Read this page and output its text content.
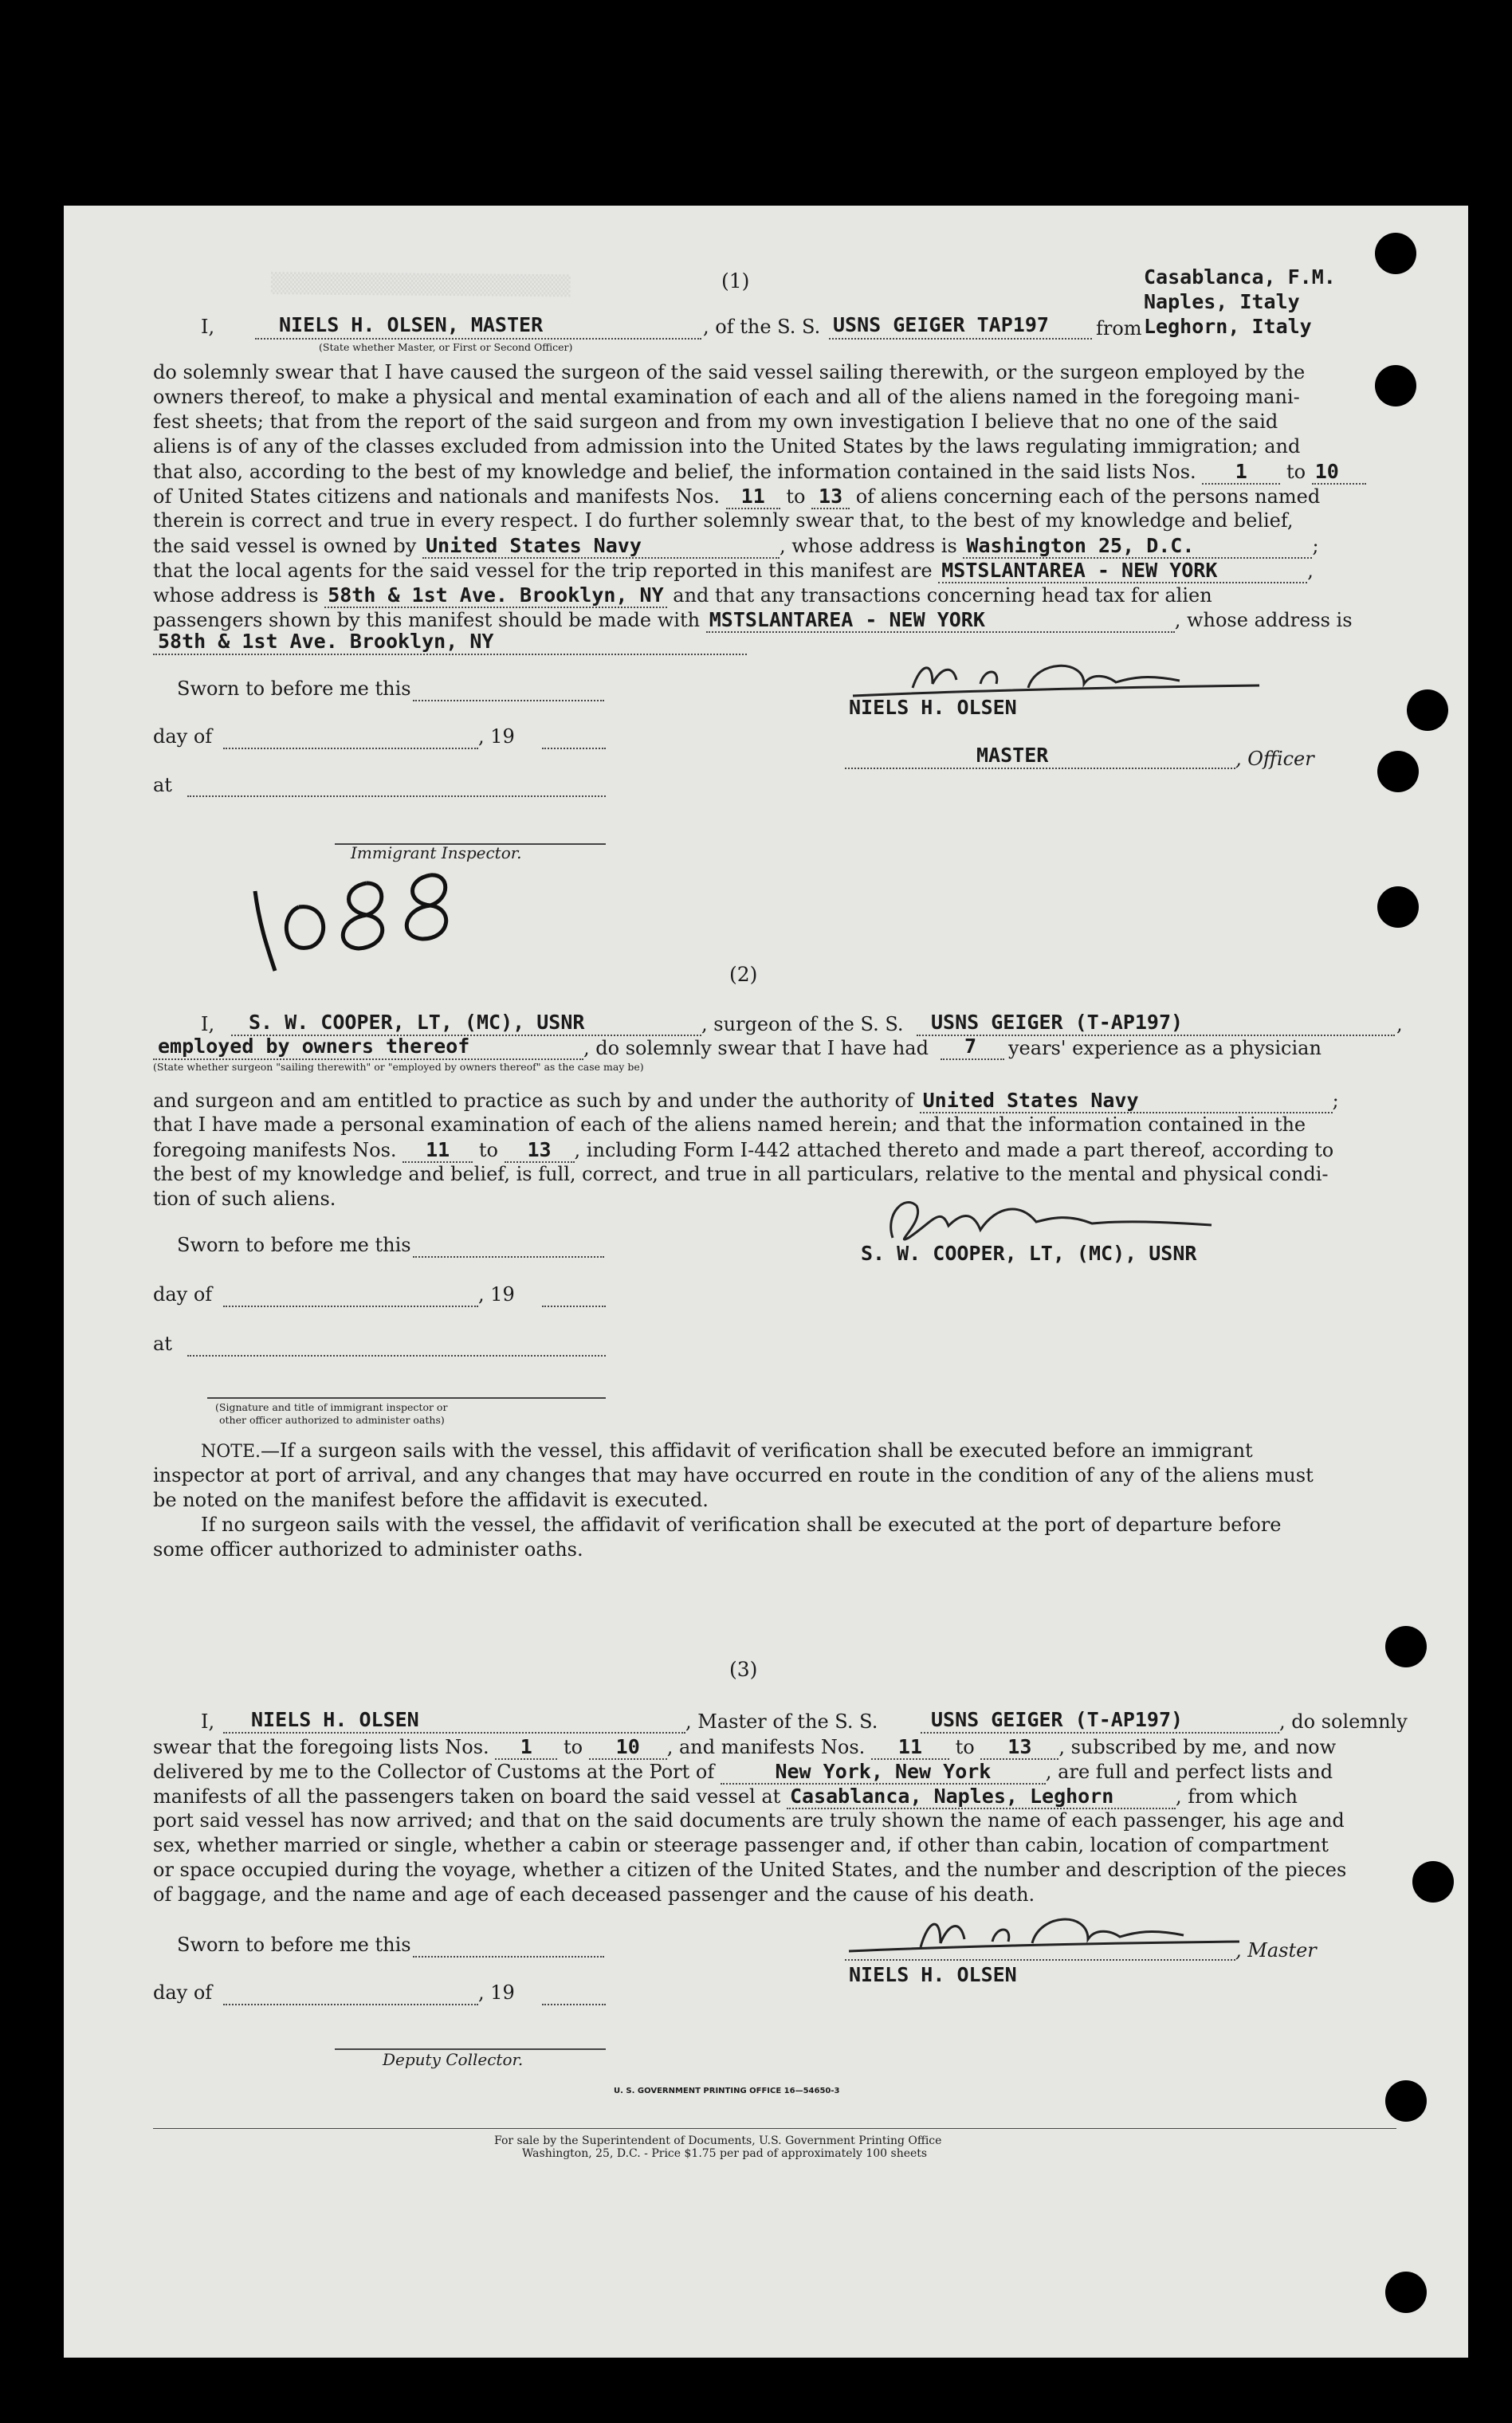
▒▒▒▒▒▒▒▒▒▒▒▒▒▒▒▒▒▒▒▒▒▒▒▒▒▒	(1)	Casablanca, F.M.
Naples, Italy
I,	NIELS H. OLSEN, MASTER	, of the S. S. USNS GEIGER TAP197 from Leghorn, Italy
(State whether Master, or First or Second Officer)
do solemnly swear that I have caused the surgeon of the said vessel sailing therewith, or the surgeon employed by the
owners thereof, to make a physical and mental examination of each and all of the aliens named in the foregoing mani-
fest sheets; that from the report of the said surgeon and from my own investigation I believe that no one of the said
aliens is of any of the classes excluded from admission into the United States by the laws regulating immigration; and
that also, according to the best of my knowledge and belief, the information contained in the said lists Nos. 1 to 10
of United States citizens and nationals and manifests Nos. 11 to 13 of aliens concerning each of the persons named
therein is correct and true in every respect. I do further solemnly swear that, to the best of my knowledge and belief,
the said vessel is owned by United States Navy	, whose address is Washington 25, D.C.	;
that the local agents for the said vessel for the trip reported in this manifest are MSTSLANTAREA - NEW YORK	,
whose address is 58th & 1st Ave. Brooklyn, NY and that any transactions concerning head tax for alien
passengers shown by this manifest should be made with MSTSLANTAREA - NEW YORK	, whose address is
58th & 1st Ave. Brooklyn, NY
Sworn to before me this
day of	, 19
at
Immigrant Inspector.
NIELS H. OLSEN
MASTER	, Officer
(2)
I, S. W. COOPER, LT, (MC), USNR	, surgeon of the S. S. USNS GEIGER (T-AP197)	,
employed by owners thereof	, do solemnly swear that I have had 7 years' experience as a physician
(State whether surgeon "sailing therewith" or "employed by owners thereof" as the case may be)
and surgeon and am entitled to practice as such by and under the authority of United States Navy	;
that I have made a personal examination of each of the aliens named herein; and that the information contained in the
foregoing manifests Nos. 11 to 13 , including Form I-442 attached thereto and made a part thereof, according to
the best of my knowledge and belief, is full, correct, and true in all particulars, relative to the mental and physical condi-
tion of such aliens.
Sworn to before me this
day of	, 19
at
(Signature and title of immigrant inspector or
other officer authorized to administer oaths)
S. W. COOPER, LT, (MC), USNR
NOTE.—If a surgeon sails with the vessel, this affidavit of verification shall be executed before an immigrant
inspector at port of arrival, and any changes that may have occurred en route in the condition of any of the aliens must
be noted on the manifest before the affidavit is executed.
If no surgeon sails with the vessel, the affidavit of verification shall be executed at the port of departure before
some officer authorized to administer oaths.
(3)
I, NIELS H. OLSEN	, Master of the S. S.	USNS GEIGER (T-AP197)	, do solemnly
swear that the foregoing lists Nos. 1 to 10 , and manifests Nos. 11 to 13 , subscribed by me, and now
delivered by me to the Collector of Customs at the Port of	New York, New York	, are full and perfect lists and
manifests of all the passengers taken on board the said vessel at Casablanca, Naples, Leghorn	, from which
port said vessel has now arrived; and that on the said documents are truly shown the name of each passenger, his age and
sex, whether married or single, whether a cabin or steerage passenger and, if other than cabin, location of compartment
or space occupied during the voyage, whether a citizen of the United States, and the number and description of the pieces
of baggage, and the name and age of each deceased passenger and the cause of his death.
Sworn to before me this
day of	, 19
Deputy Collector.
, Master
NIELS H. OLSEN
U. S. GOVERNMENT PRINTING OFFICE 16—54650-3
For sale by the Superintendent of Documents, U.S. Government Printing Office
Washington, 25, D.C. - Price $1.75 per pad of approximately 100 sheets
